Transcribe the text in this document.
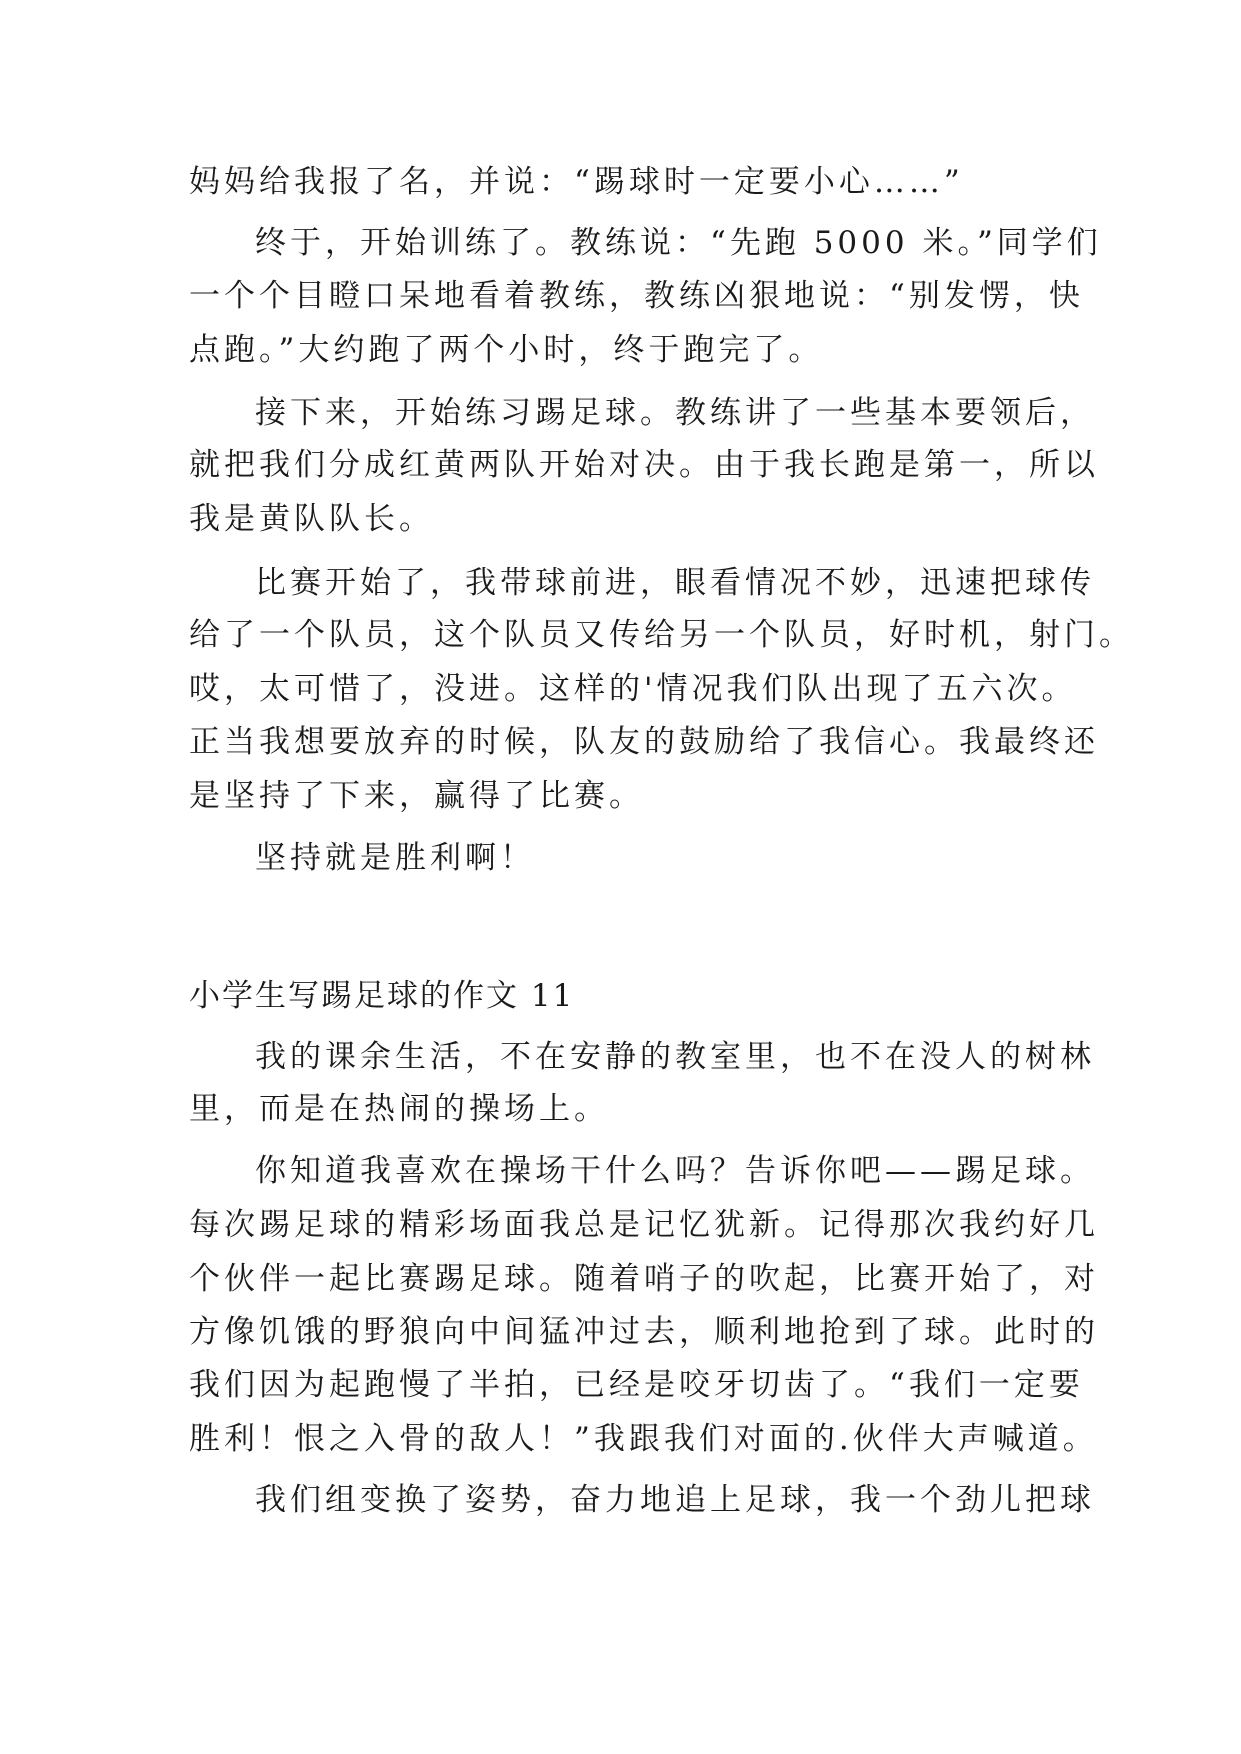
妈妈给我报了名，并说：“踢球时一定要小心……”
终于，开始训练了。教练说：“先跑 5000 米。”同学们
一个个目瞪口呆地看着教练，教练凶狠地说：“别发愣，快
点跑。”大约跑了两个小时，终于跑完了。
接下来，开始练习踢足球。教练讲了一些基本要领后，
就把我们分成红黄两队开始对决。由于我长跑是第一，所以
我是黄队队长。
比赛开始了，我带球前进，眼看情况不妙，迅速把球传
给了一个队员，这个队员又传给另一个队员，好时机，射门。
哎，太可惜了，没进。这样的'情况我们队出现了五六次。
正当我想要放弃的时候，队友的鼓励给了我信心。我最终还
是坚持了下来，赢得了比赛。
坚持就是胜利啊！
小学生写踢足球的作文 11
我的课余生活，不在安静的教室里，也不在没人的树林
里，而是在热闹的操场上。
你知道我喜欢在操场干什么吗？告诉你吧——踢足球。
每次踢足球的精彩场面我总是记忆犹新。记得那次我约好几
个伙伴一起比赛踢足球。随着哨子的吹起，比赛开始了，对
方像饥饿的野狼向中间猛冲过去，顺利地抢到了球。此时的
我们因为起跑慢了半拍，已经是咬牙切齿了。“我们一定要
胜利！恨之入骨的敌人！”我跟我们对面的.伙伴大声喊道。
我们组变换了姿势，奋力地追上足球，我一个劲儿把球
